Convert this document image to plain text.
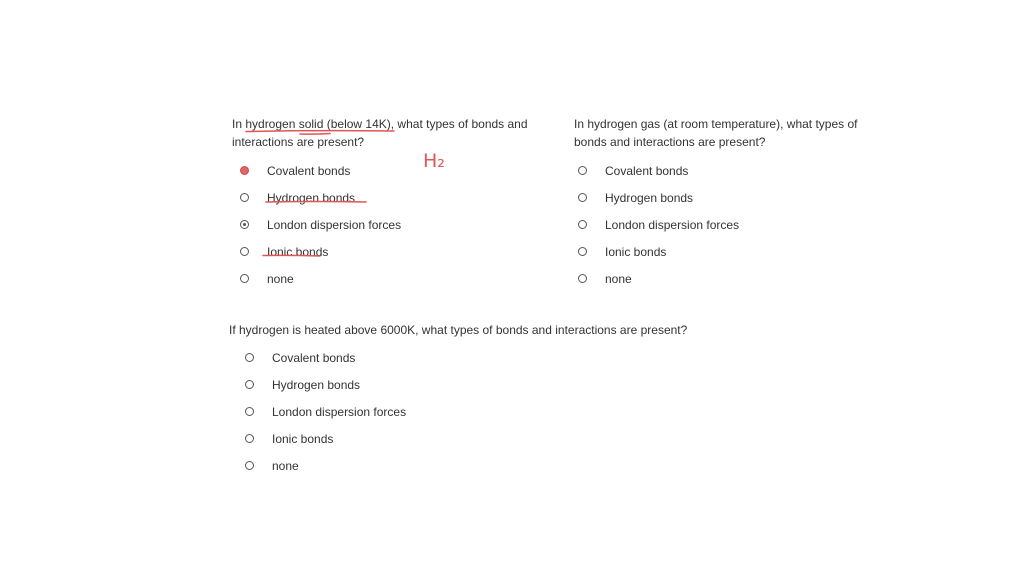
In hydrogen solid (below 14K), what types of bonds and interactions are present?
Covalent bonds
Hydrogen bonds
London dispersion forces
Ionic bonds
none
In hydrogen gas (at room temperature), what types of bonds and interactions are present?
Covalent bonds
Hydrogen bonds
London dispersion forces
Ionic bonds
none
If hydrogen is heated above 6000K, what types of bonds and interactions are present?
Covalent bonds
Hydrogen bonds
London dispersion forces
Ionic bonds
none
H₂
